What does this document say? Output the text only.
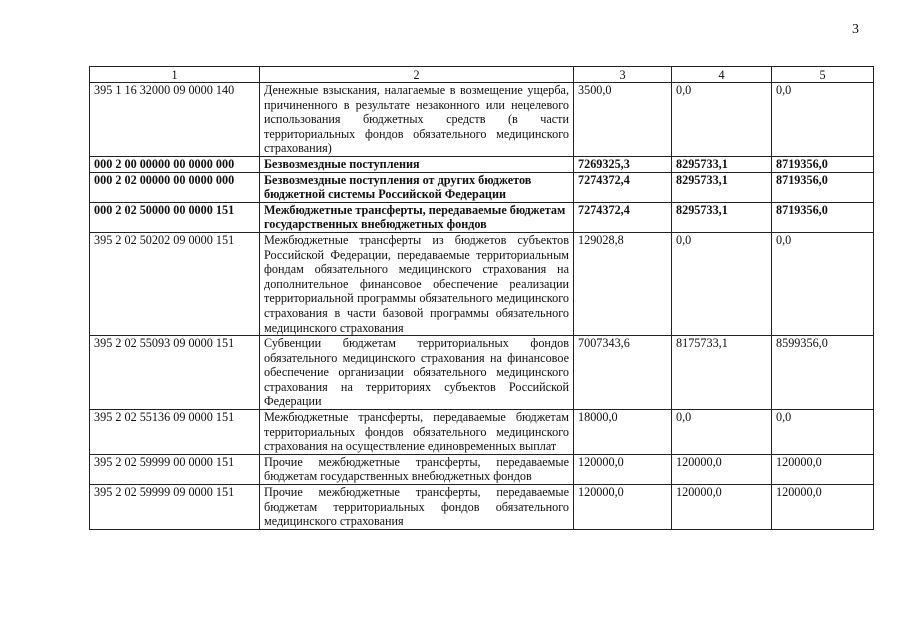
3
1	2	3	4	5
395 1 16 32000 09 0000 140	Денежные взыскания, налагаемые в возмещение ущерба, причиненного в результате незаконного или нецелевого использования бюджетных средств (в части территориальных фондов обязательного медицинского страхования)	3500,0	0,0	0,0
000 2 00 00000 00 0000 000	Безвозмездные поступления	7269325,3	8295733,1	8719356,0
000 2 02 00000 00 0000 000	Безвозмездные поступления от других бюджетов бюджетной системы Российской Федерации	7274372,4	8295733,1	8719356,0
000 2 02 50000 00 0000 151	Межбюджетные трансферты, передаваемые бюджетам государственных внебюджетных фондов	7274372,4	8295733,1	8719356,0
395 2 02 50202 09 0000 151	Межбюджетные трансферты из бюджетов субъектов Российской Федерации, передаваемые территориальным фондам обязательного медицинского страхования на дополнительное финансовое обеспечение реализации территориальной программы обязательного медицинского страхования в части базовой программы обязательного медицинского страхования	129028,8	0,0	0,0
395 2 02 55093 09 0000 151	Субвенции бюджетам территориальных фондов обязательного медицинского страхования на финансовое обеспечение организации обязательного медицинского страхования на территориях субъектов Российской Федерации	7007343,6	8175733,1	8599356,0
395 2 02 55136 09 0000 151	Межбюджетные трансферты, передаваемые бюджетам территориальных фондов обязательного медицинского страхования на осуществление единовременных выплат	18000,0	0,0	0,0
395 2 02 59999 00 0000 151	Прочие межбюджетные трансферты, передаваемые бюджетам государственных внебюджетных фондов	120000,0	120000,0	120000,0
395 2 02 59999 09 0000 151	Прочие межбюджетные трансферты, передаваемые бюджетам территориальных фондов обязательного медицинского страхования	120000,0	120000,0	120000,0
